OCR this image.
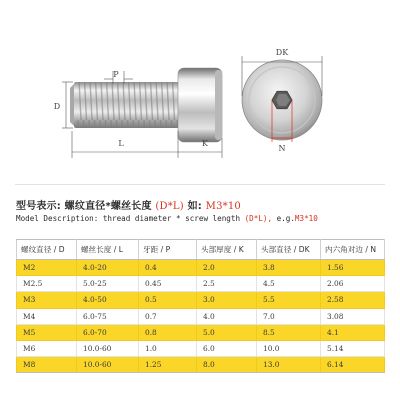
P
D
L	K
DK
N
型号表示: 螺纹直径*螺丝长度 (D*L) 如: M3*10
Model Description: thread diameter * screw length (D*L), e.g.M3*10
螺纹直径 / D	螺丝长度 / L	牙距 / P	头部厚度 / K	头部直径 / DK	内六角对边 / N
M2	4.0-20	0.4	2.0	3.8	1.56
M2.5	5.0-25	0.45	2.5	4.5	2.06
M3	4.0-50	0.5	3.0	5.5	2.58
M4	6.0-75	0.7	4.0	7.0	3.08
M5	6.0-70	0.8	5.0	8.5	4.1
M6	10.0-60	1.0	6.0	10.0	5.14
M8	10.0-60	1.25	8.0	13.0	6.14
